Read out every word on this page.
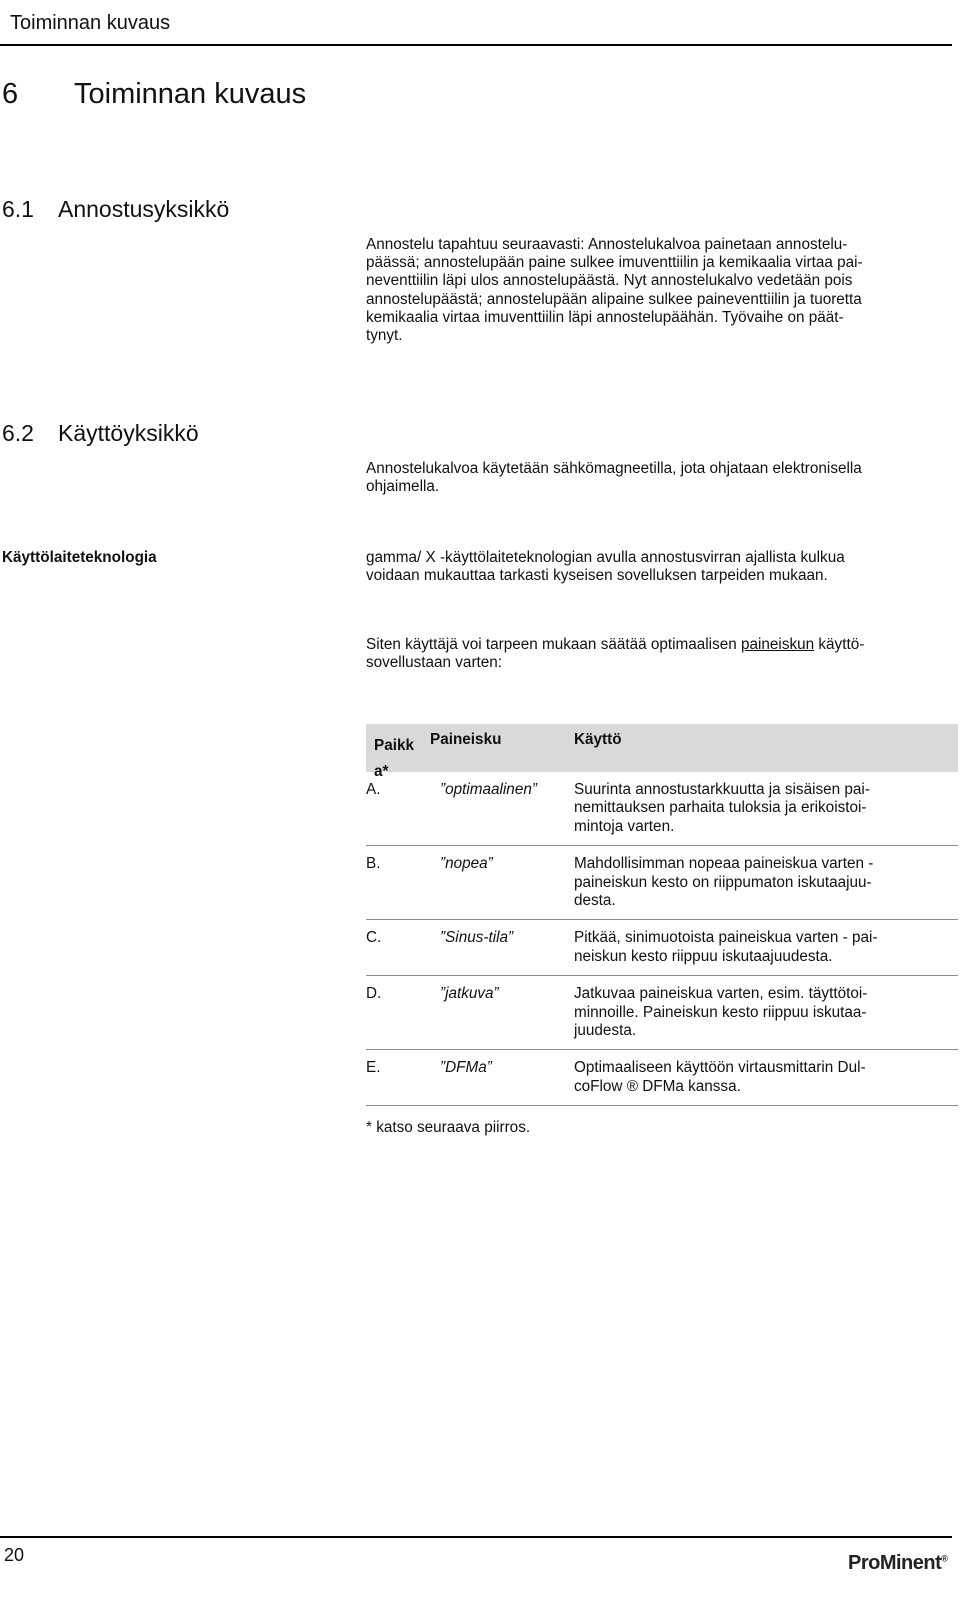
Toiminnan kuvaus
6	Toiminnan kuvaus
6.1	Annostusyksikkö
Annostelu tapahtuu seuraavasti: Annostelukalvoa painetaan annostelu-
päässä; annostelupään paine sulkee imuventtiilin ja kemikaalia virtaa pai-
neventtiilin läpi ulos annostelupäästä. Nyt annostelukalvo vedetään pois
annostelupäästä; annostelupään alipaine sulkee paineventtiilin ja tuoretta
kemikaalia virtaa imuventtiilin läpi annostelupäähän. Työvaihe on päät-
tynyt.
6.2	Käyttöyksikkö
Annostelukalvoa käytetään sähkömagneetilla, jota ohjataan elektronisella
ohjaimella.
Käyttölaiteteknologia	gamma/ X -käyttölaiteteknologian avulla annostusvirran ajallista kulkua
voidaan mukauttaa tarkasti kyseisen sovelluksen tarpeiden mukaan.
Siten käyttäjä voi tarpeen mukaan säätää optimaalisen paineiskun käyttö-
sovellustaan varten:
Paikk
a*
Paineisku	Käyttö
A.	”optimaalinen”	Suurinta annostustarkkuutta ja sisäisen pai-
nemittauksen parhaita tuloksia ja erikoistoi-
mintoja varten.
B.	”nopea”	Mahdollisimman nopeaa paineiskua varten -
paineiskun kesto on riippumaton iskutaajuu-
desta.
C.	”Sinus-tila”	Pitkää, sinimuotoista paineiskua varten - pai-
neiskun kesto riippuu iskutaajuudesta.
D.	”jatkuva”	Jatkuvaa paineiskua varten, esim. täyttötoi-
minnoille. Paineiskun kesto riippuu iskutaa-
juudesta.
E.	”DFMa”	Optimaaliseen käyttöön virtausmittarin Dul-
coFlow ® DFMa kanssa.
* katso seuraava piirros.
20	ProMinent®
